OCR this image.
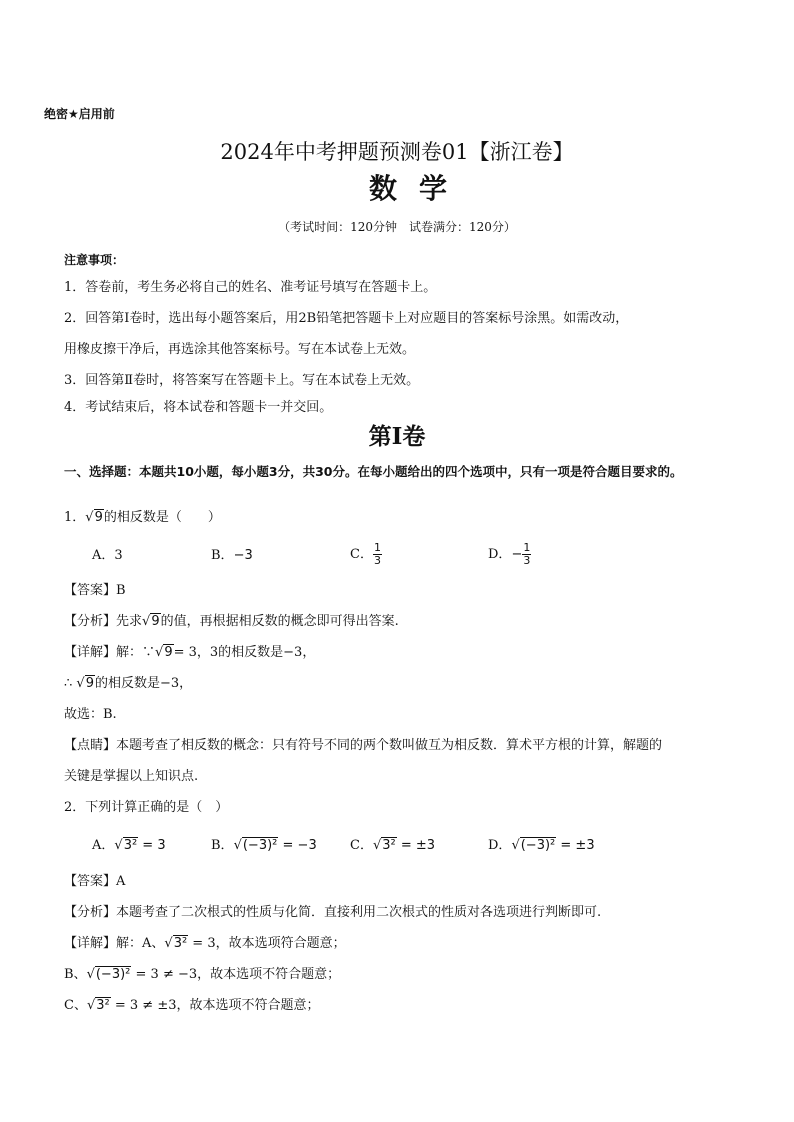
绝密★启用前
2024年中考押题预测卷01【浙江卷】
数学
（考试时间：120分钟　试卷满分：120分）
注意事项：
1．答卷前，考生务必将自己的姓名、准考证号填写在答题卡上。
2．回答第Ⅰ卷时，选出每小题答案后，用2B铅笔把答题卡上对应题目的答案标号涂黑。如需改动，
用橡皮擦干净后，再选涂其他答案标号。写在本试卷上无效。
3．回答第Ⅱ卷时，将答案写在答题卡上。写在本试卷上无效。
4．考试结束后，将本试卷和答题卡一并交回。
第I卷
一、选择题：本题共10小题，每小题3分，共30分。在每小题给出的四个选项中，只有一项是符合题目要求的。
1．√9的相反数是（　　）
A．3	B．−3	C． $\frac{1}{3}$	D．− $\frac{1}{3}$
【答案】B
【分析】先求√9的值，再根据相反数的概念即可得出答案.
【详解】解：∵√9= 3，3的相反数是−3，
∴ √9的相反数是−3，
故选：B.
【点睛】本题考查了相反数的概念：只有符号不同的两个数叫做互为相反数．算术平方根的计算，解题的
关键是掌握以上知识点.
2．下列计算正确的是（　）
A．√3² = 3	B．√(−3)² = −3	C．√3² = ±3	D．√(−3)² = ±3
【答案】A
【分析】本题考查了二次根式的性质与化简．直接利用二次根式的性质对各选项进行判断即可.
【详解】解：A、√3² = 3，故本选项符合题意；
B、√(−3)² = 3 ≠ −3，故本选项不符合题意；
C、√3² = 3 ≠ ±3，故本选项不符合题意；
